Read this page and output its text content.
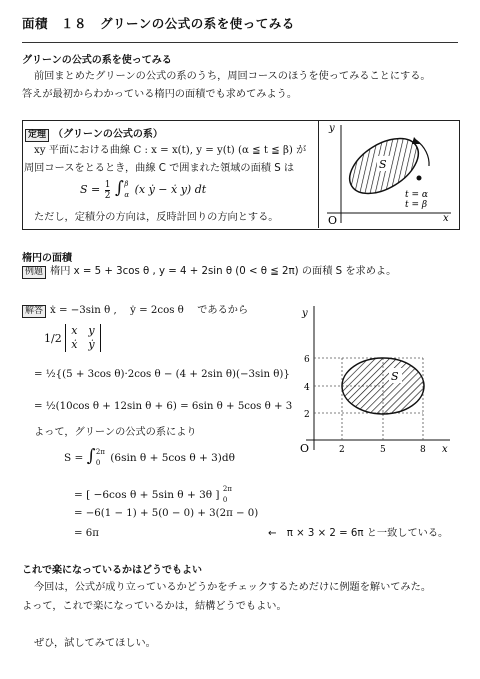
面積　１８　グリーンの公式の系を使ってみる
グリーンの公式の系を使ってみる
前回まとめたグリーンの公式の系のうち，周回コースのほうを使ってみることにする。
答えが最初からわかっている楕円の面積でも求めてみよう。
定理 （グリーンの公式の系）
xy 平面における曲線 C : x = x(t), y = y(t) (α ≦ t ≦ β) が
周回コースをとるとき，曲線 C で囲まれた領域の面積 S は
$S = \frac{1}{2}$ ∫ β
α (x ẏ − ẋ y) dt
ただし，定積分の方向は，反時計回りの方向とする。
y
x
O
S
t = α
t = β
楕円の面積
例題 楕円 x = 5 + 3cos θ , y = 4 + 2sin θ (0 < θ ≦ 2π) の面積 S を求めよ。
解答 ẋ = −3sin θ ,　 ẏ = 2cos θ 　であるから
1/2 x　y
ẋ　ẏ
= ½{(5 + 3cos θ)·2cos θ − (4 + 2sin θ)(−3sin θ)}
= ½(10cos θ + 12sin θ + 6) = 6sin θ + 5cos θ + 3
よって，グリーンの公式の系により
S = ∫ 2π
0 (6sin θ + 5cos θ + 3)dθ
= [ −6cos θ + 5sin θ + 3θ ] 2π
0
= −6(1 − 1) + 5(0 − 0) + 3(2π − 0)
= 6π	←　π × 3 × 2 = 6π と一致している。
S
y
x
O	2	5	8
2
4
6
これで楽になっているかはどうでもよい
今回は，公式が成り立っているかどうかをチェックするためだけに例題を解いてみた。
よって，これで楽になっているかは，結構どうでもよい。
ぜひ，試してみてほしい。
